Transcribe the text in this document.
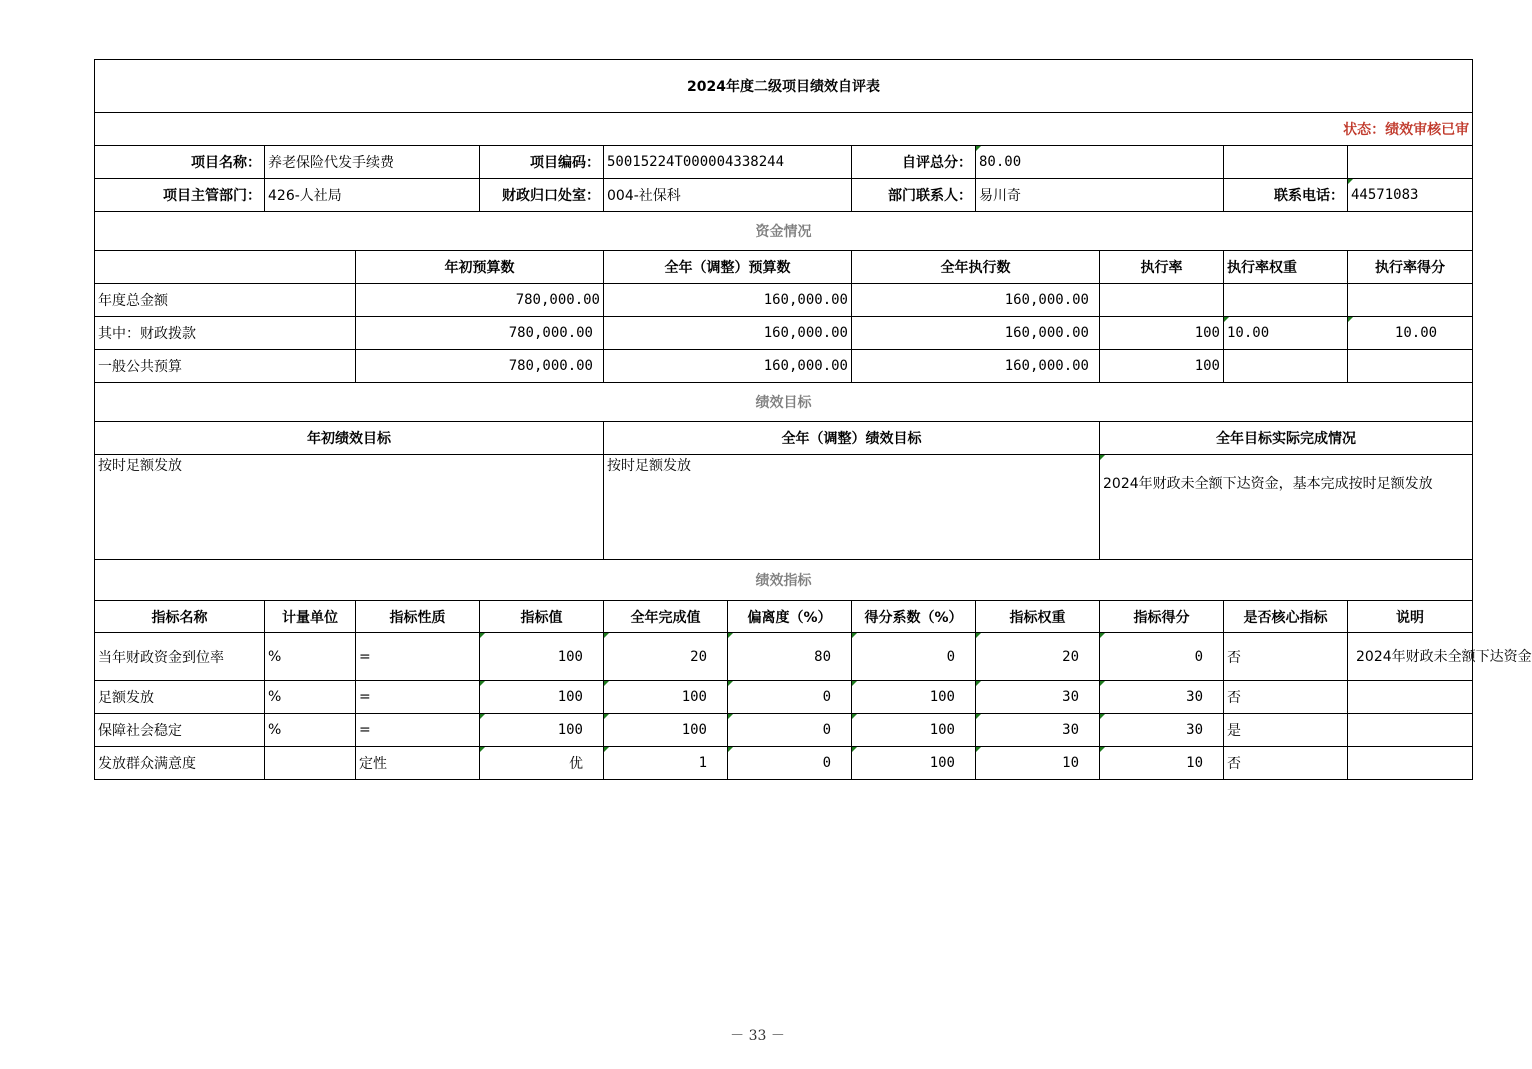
2024年度二级项目绩效自评表										
状态：绩效审核已审										
项目名称：	养老保险代发手续费		项目编码：	50015224T000004338244		自评总分：	80.00			
项目主管部门：	426-人社局		财政归口处室：	004-社保科		部门联系人：	易川奇		联系电话：	44571083
资金情况										
		年初预算数		全年（调整）预算数		全年执行数		执行率	执行率权重	执行率得分
年度总金额		780,000.00		160,000.00		160,000.00				
其中：财政拨款		780,000.00		160,000.00		160,000.00		100	10.00	10.00
一般公共预算		780,000.00		160,000.00		160,000.00		100		
绩效目标										
年初绩效目标				全年（调整）绩效目标				全年目标实际完成情况		
按时足额发放				按时足额发放				2024年财政未全额下达资金，基本完成按时足额发放		
绩效指标										
指标名称	计量单位	指标性质	指标值	全年完成值	偏离度（%）	得分系数（%）	指标权重	指标得分	是否核心指标	说明
当年财政资金到位率	%	=	100	20	80	0	20	0	否	2024年财政未全额下达资金
足额发放	%	=	100	100	0	100	30	30	否	
保障社会稳定	%	=	100	100	0	100	30	30	是	
发放群众满意度		定性	优	1	0	100	10	10	否	
－ 33 －
